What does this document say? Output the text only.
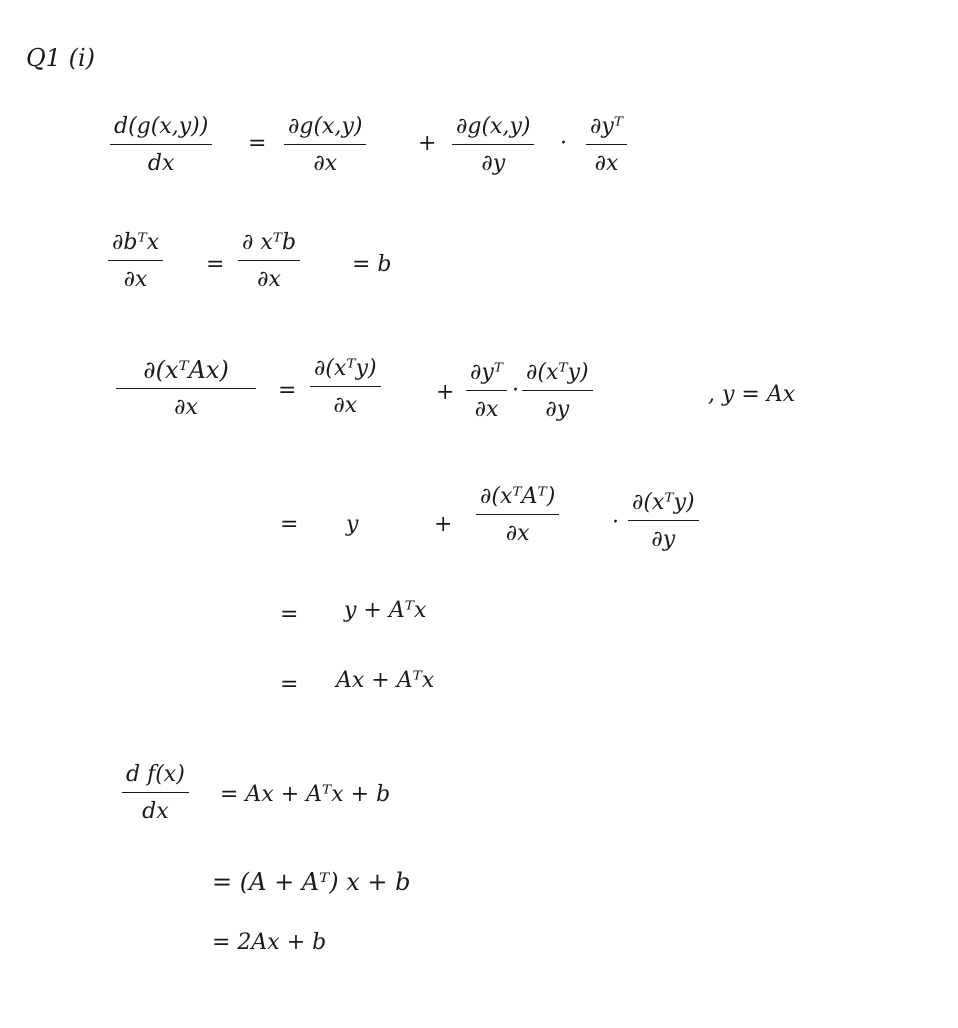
Q1 (i)
d(g(x,y))
dx
=
∂g(x,y)
∂x
+
∂g(x,y)
∂y
·
∂yᵀ
∂x
∂bᵀx
∂x
=
∂ xᵀb
∂x
= b
∂(xᵀAx)
∂x
=
∂(xᵀy)
∂x
+
∂yᵀ
∂x
·
∂(xᵀy)
∂y
, y = Ax
= y	+
∂(xᵀAᵀ)
∂x	·
∂(xᵀy)
∂y
= y + Aᵀx
= Ax + Aᵀx
d f(x)
dx
= Ax + Aᵀx + b
= (A + Aᵀ) x + b
= 2Ax + b
